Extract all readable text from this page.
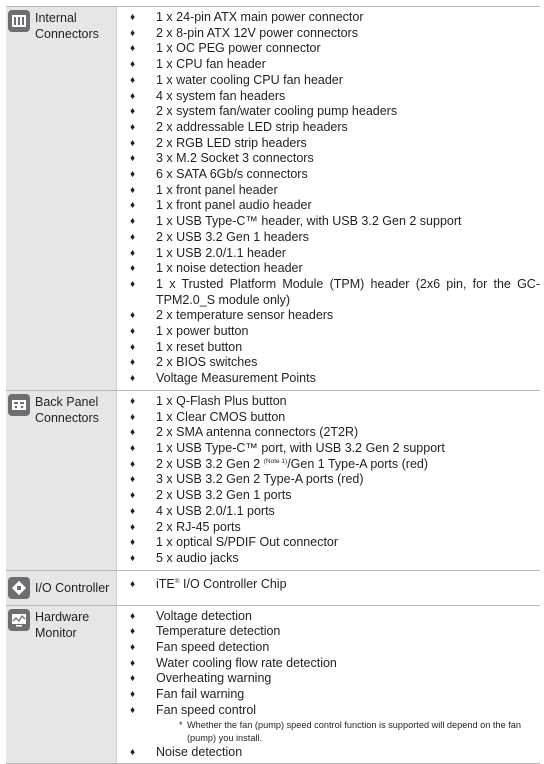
Internal Connectors
♦ 1 x 24-pin ATX main power connector
♦ 2 x 8-pin ATX 12V power connectors
♦ 1 x OC PEG power connector
♦ 1 x CPU fan header
♦ 1 x water cooling CPU fan header
♦ 4 x system fan headers
♦ 2 x system fan/water cooling pump headers
♦ 2 x addressable LED strip headers
♦ 2 x RGB LED strip headers
♦ 3 x M.2 Socket 3 connectors
♦ 6 x SATA 6Gb/s connectors
♦ 1 x front panel header
♦ 1 x front panel audio header
♦ 1 x USB Type-C™ header, with USB 3.2 Gen 2 support
♦ 2 x USB 3.2 Gen 1 headers
♦ 1 x USB 2.0/1.1 header
♦ 1 x noise detection header
♦ 1 x Trusted Platform Module (TPM) header (2x6 pin, for the GC-TPM2.0_S module only)
♦ 2 x temperature sensor headers
♦ 1 x power button
♦ 1 x reset button
♦ 2 x BIOS switches
♦ Voltage Measurement Points
Back Panel Connectors
♦ 1 x Q-Flash Plus button
♦ 1 x Clear CMOS button
♦ 2 x SMA antenna connectors (2T2R)
♦ 1 x USB Type-C™ port, with USB 3.2 Gen 2 support
♦ 2 x USB 3.2 Gen 2 $^{(Note 1)}$/Gen 1 Type-A ports (red)
♦ 3 x USB 3.2 Gen 2 Type-A ports (red)
♦ 2 x USB 3.2 Gen 1 ports
♦ 4 x USB 2.0/1.1 ports
♦ 2 x RJ-45 ports
♦ 1 x optical S/PDIF Out connector
♦ 5 x audio jacks
I/O Controller ♦ iTE® I/O Controller Chip
Hardware Monitor
♦ Voltage detection
♦ Temperature detection
♦ Fan speed detection
♦ Water cooling flow rate detection
♦ Overheating warning
♦ Fan fail warning
♦ Fan speed control
* Whether the fan (pump) speed control function is supported will depend on the fan (pump) you install.
♦ Noise detection
